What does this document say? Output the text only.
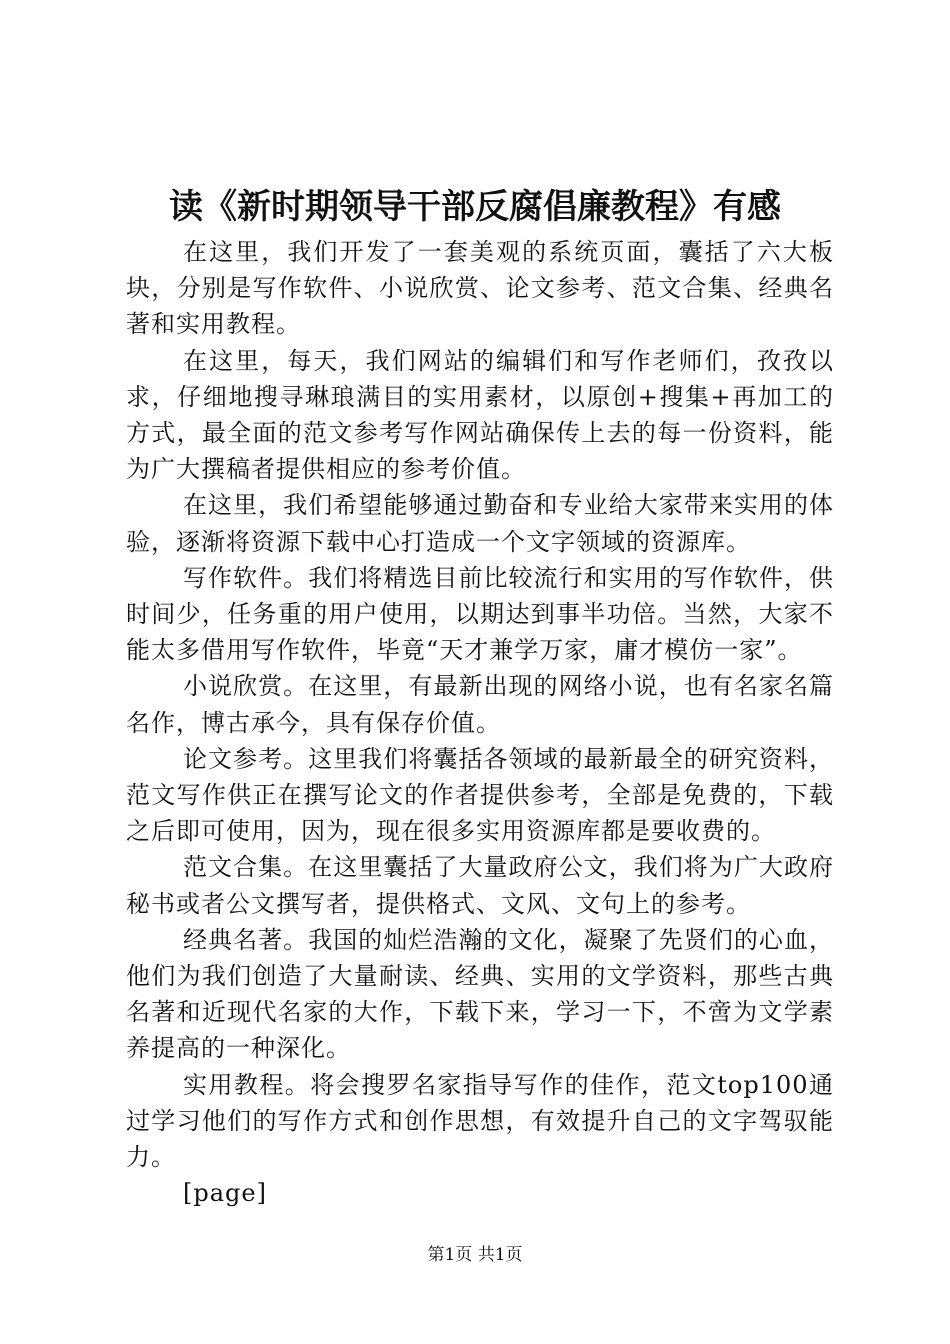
读《新时期领导干部反腐倡廉教程》有感

在这里，我们开发了一套美观的系统页面，囊括了六大板块，分别是写作软件、小说欣赏、论文参考、范文合集、经典名著和实用教程。

在这里，每天，我们网站的编辑们和写作老师们，孜孜以求，仔细地搜寻琳琅满目的实用素材，以原创+搜集+再加工的方式，最全面的范文参考写作网站确保传上去的每一份资料，能为广大撰稿者提供相应的参考价值。

在这里，我们希望能够通过勤奋和专业给大家带来实用的体验，逐渐将资源下载中心打造成一个文字领域的资源库。

写作软件。我们将精选目前比较流行和实用的写作软件，供时间少，任务重的用户使用，以期达到事半功倍。当然，大家不能太多借用写作软件，毕竟“天才兼学万家，庸才模仿一家”。

小说欣赏。在这里，有最新出现的网络小说，也有名家名篇名作，博古承今，具有保存价值。

论文参考。这里我们将囊括各领域的最新最全的研究资料，范文写作供正在撰写论文的作者提供参考，全部是免费的，下载之后即可使用，因为，现在很多实用资源库都是要收费的。

范文合集。在这里囊括了大量政府公文，我们将为广大政府秘书或者公文撰写者，提供格式、文风、文句上的参考。

经典名著。我国的灿烂浩瀚的文化，凝聚了先贤们的心血，他们为我们创造了大量耐读、经典、实用的文学资料，那些古典名著和近现代名家的大作，下载下来，学习一下，不啻为文学素养提高的一种深化。

实用教程。将会搜罗名家指导写作的佳作，范文top100通过学习他们的写作方式和创作思想，有效提升自己的文字驾驭能力。

[page]

第1页 共1页
